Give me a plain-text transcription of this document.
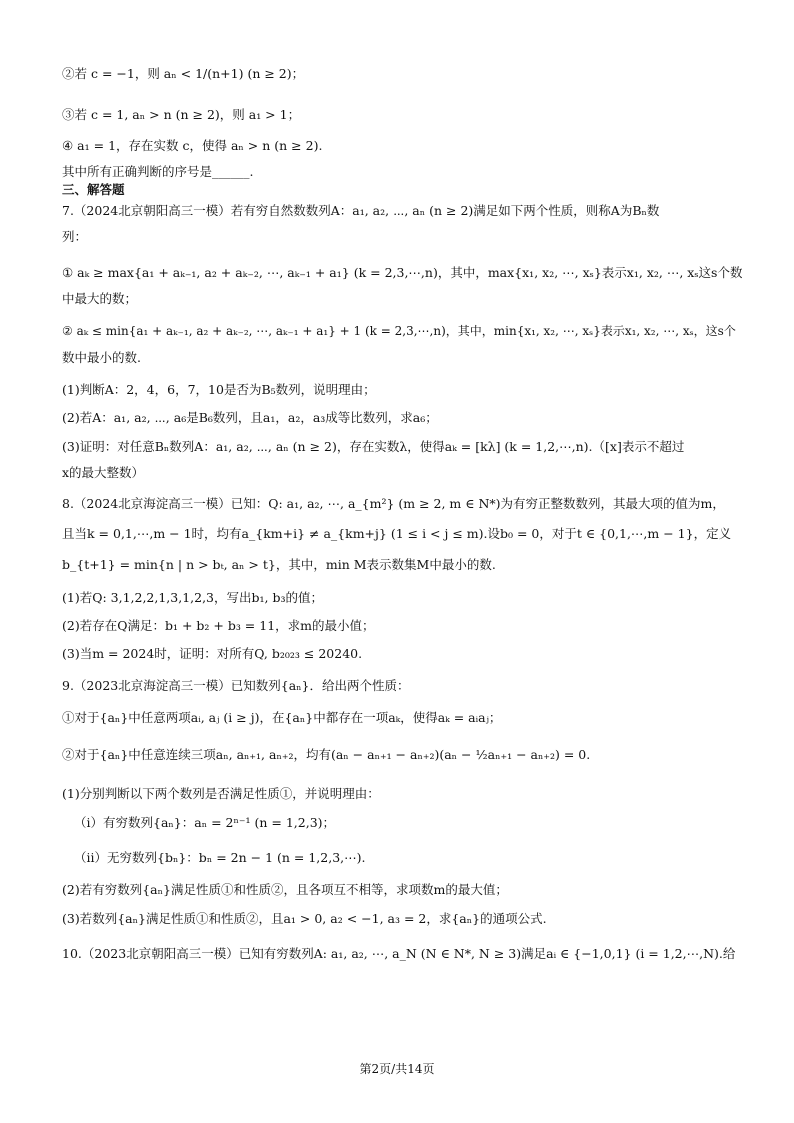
②若 c = −1，则 aₙ < 1/(n+1) (n ≥ 2)；
③若 c = 1, aₙ > n (n ≥ 2)，则 a₁ > 1；
④ a₁ = 1，存在实数 c，使得 aₙ > n (n ≥ 2).
其中所有正确判断的序号是______.
三、解答题
7.（2024北京朝阳高三一模）若有穷自然数数列A：a₁, a₂, ⋯, aₙ (n ≥ 2)满足如下两个性质，则称A为Bₙ数
列：
① aₖ ≥ max{a₁ + aₖ₋₁, a₂ + aₖ₋₂, ⋯, aₖ₋₁ + a₁} (k = 2,3,⋯,n)，其中，max{x₁, x₂, ⋯, xₛ}表示x₁, x₂, ⋯, xₛ这s个数
中最大的数；
② aₖ ≤ min{a₁ + aₖ₋₁, a₂ + aₖ₋₂, ⋯, aₖ₋₁ + a₁} + 1 (k = 2,3,⋯,n)，其中，min{x₁, x₂, ⋯, xₛ}表示x₁, x₂, ⋯, xₛ，这s个
数中最小的数.
(1)判断A：2，4，6，7，10是否为B₅数列，说明理由；
(2)若A：a₁, a₂, ⋯, a₆是B₆数列，且a₁，a₂，a₃成等比数列，求a₆；
(3)证明：对任意Bₙ数列A：a₁, a₂, ⋯, aₙ (n ≥ 2)，存在实数λ，使得aₖ = [kλ] (k = 1,2,⋯,n).（[x]表示不超过
x的最大整数）
8.（2024北京海淀高三一模）已知：Q: a₁, a₂, ⋯, a_{m²} (m ≥ 2, m ∈ N*)为有穷正整数数列，其最大项的值为m，
且当k = 0,1,⋯,m − 1时，均有a_{km+i} ≠ a_{km+j} (1 ≤ i < j ≤ m).设b₀ = 0，对于t ∈ {0,1,⋯,m − 1}，定义
b_{t+1} = min{n | n > bₜ, aₙ > t}，其中，min M表示数集M中最小的数.
(1)若Q: 3,1,2,2,1,3,1,2,3，写出b₁, b₃的值；
(2)若存在Q满足：b₁ + b₂ + b₃ = 11，求m的最小值；
(3)当m = 2024时，证明：对所有Q, b₂₀₂₃ ≤ 20240.
9.（2023北京海淀高三一模）已知数列{aₙ}．给出两个性质：
①对于{aₙ}中任意两项aᵢ, aⱼ (i ≥ j)，在{aₙ}中都存在一项aₖ，使得aₖ = aᵢaⱼ；
②对于{aₙ}中任意连续三项aₙ, aₙ₊₁, aₙ₊₂，均有(aₙ − aₙ₊₁ − aₙ₊₂)(aₙ − ½aₙ₊₁ − aₙ₊₂) = 0.
(1)分别判断以下两个数列是否满足性质①，并说明理由：
（i）有穷数列{aₙ}：aₙ = 2ⁿ⁻¹ (n = 1,2,3)；
（ii）无穷数列{bₙ}：bₙ = 2n − 1 (n = 1,2,3,⋯).
(2)若有穷数列{aₙ}满足性质①和性质②，且各项互不相等，求项数m的最大值；
(3)若数列{aₙ}满足性质①和性质②，且a₁ > 0, a₂ < −1, a₃ = 2，求{aₙ}的通项公式.
10.（2023北京朝阳高三一模）已知有穷数列A: a₁, a₂, ⋯, a_N (N ∈ N*, N ≥ 3)满足aᵢ ∈ {−1,0,1} (i = 1,2,⋯,N).给
第2页/共14页
